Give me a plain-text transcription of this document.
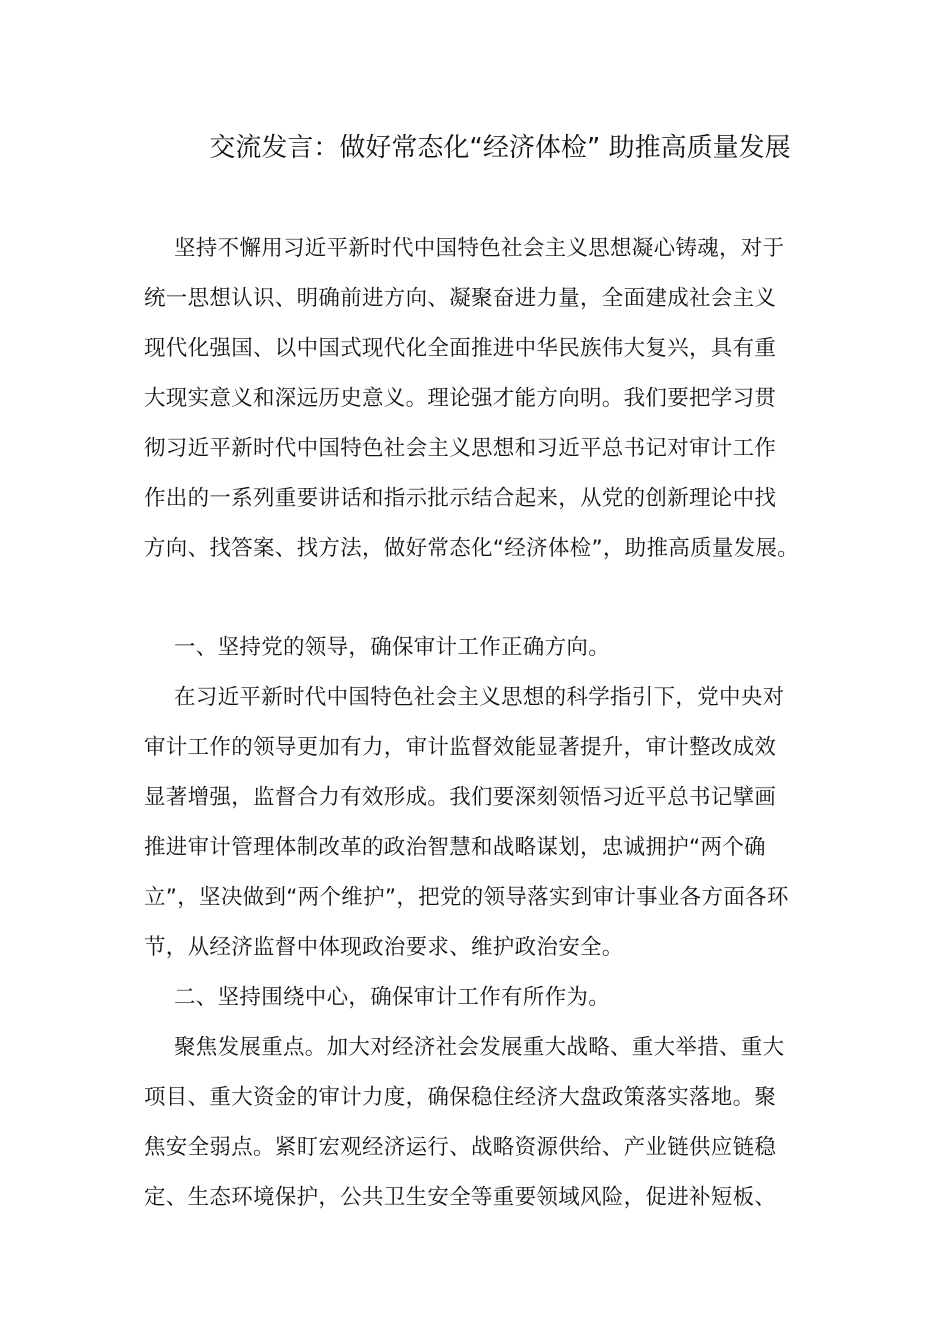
交流发言：做好常态化“经济体检” 助推高质量发展
坚持不懈用习近平新时代中国特色社会主义思想凝心铸魂，对于
统一思想认识、明确前进方向、凝聚奋进力量，全面建成社会主义
现代化强国、以中国式现代化全面推进中华民族伟大复兴，具有重
大现实意义和深远历史意义。理论强才能方向明。我们要把学习贯
彻习近平新时代中国特色社会主义思想和习近平总书记对审计工作
作出的一系列重要讲话和指示批示结合起来，从党的创新理论中找
方向、找答案、找方法，做好常态化“经济体检”，助推高质量发展。
一、坚持党的领导，确保审计工作正确方向。
在习近平新时代中国特色社会主义思想的科学指引下，党中央对
审计工作的领导更加有力，审计监督效能显著提升，审计整改成效
显著增强，监督合力有效形成。我们要深刻领悟习近平总书记擘画
推进审计管理体制改革的政治智慧和战略谋划，忠诚拥护“两个确
立”，坚决做到“两个维护”，把党的领导落实到审计事业各方面各环
节，从经济监督中体现政治要求、维护政治安全。
二、坚持围绕中心，确保审计工作有所作为。
聚焦发展重点。加大对经济社会发展重大战略、重大举措、重大
项目、重大资金的审计力度，确保稳住经济大盘政策落实落地。聚
焦安全弱点。紧盯宏观经济运行、战略资源供给、产业链供应链稳
定、生态环境保护，公共卫生安全等重要领域风险，促进补短板、
